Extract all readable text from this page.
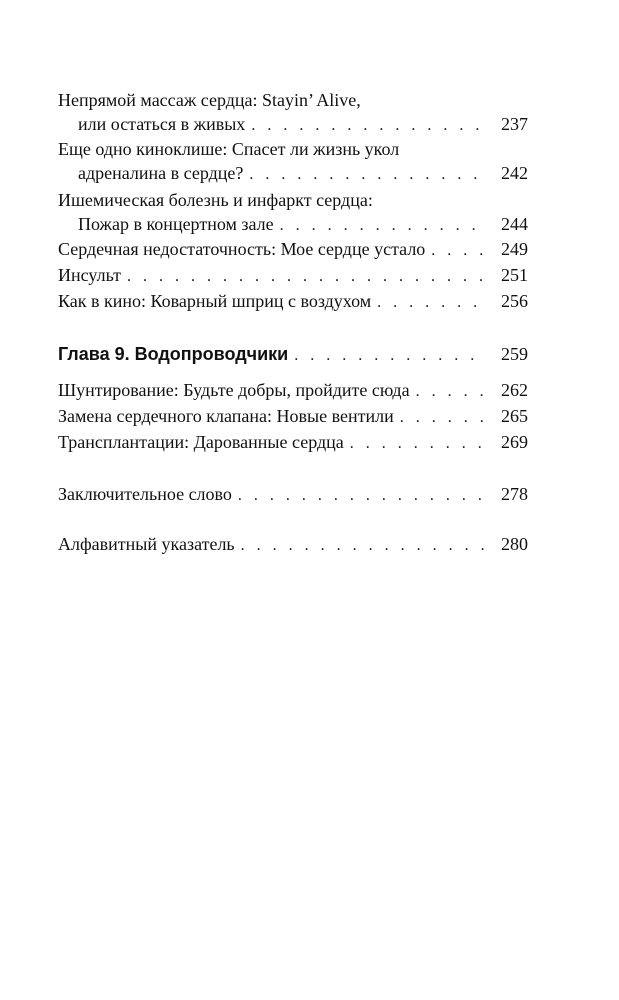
Непрямой массаж сердца: Stayin’ Alive,
или остаться в живых . . .	237
Еще одно киноклише: Спасет ли жизнь укол
адреналина в сердце? . . .	242
Ишемическая болезнь и инфаркт сердца:
Пожар в концертном зале . . .	244
Сердечная недостаточность: Мое сердце устало . . .	249
Инсульт . . .	251
Как в кино: Коварный шприц с воздухом . . .	256
Глава 9. Водопроводчики . . .	259
Шунтирование: Будьте добры, пройдите сюда . . .	262
Замена сердечного клапана: Новые вентили . . .	265
Трансплантации: Дарованные сердца . . .	269
Заключительное слово . . .	278
Алфавитный указатель . . .	280
